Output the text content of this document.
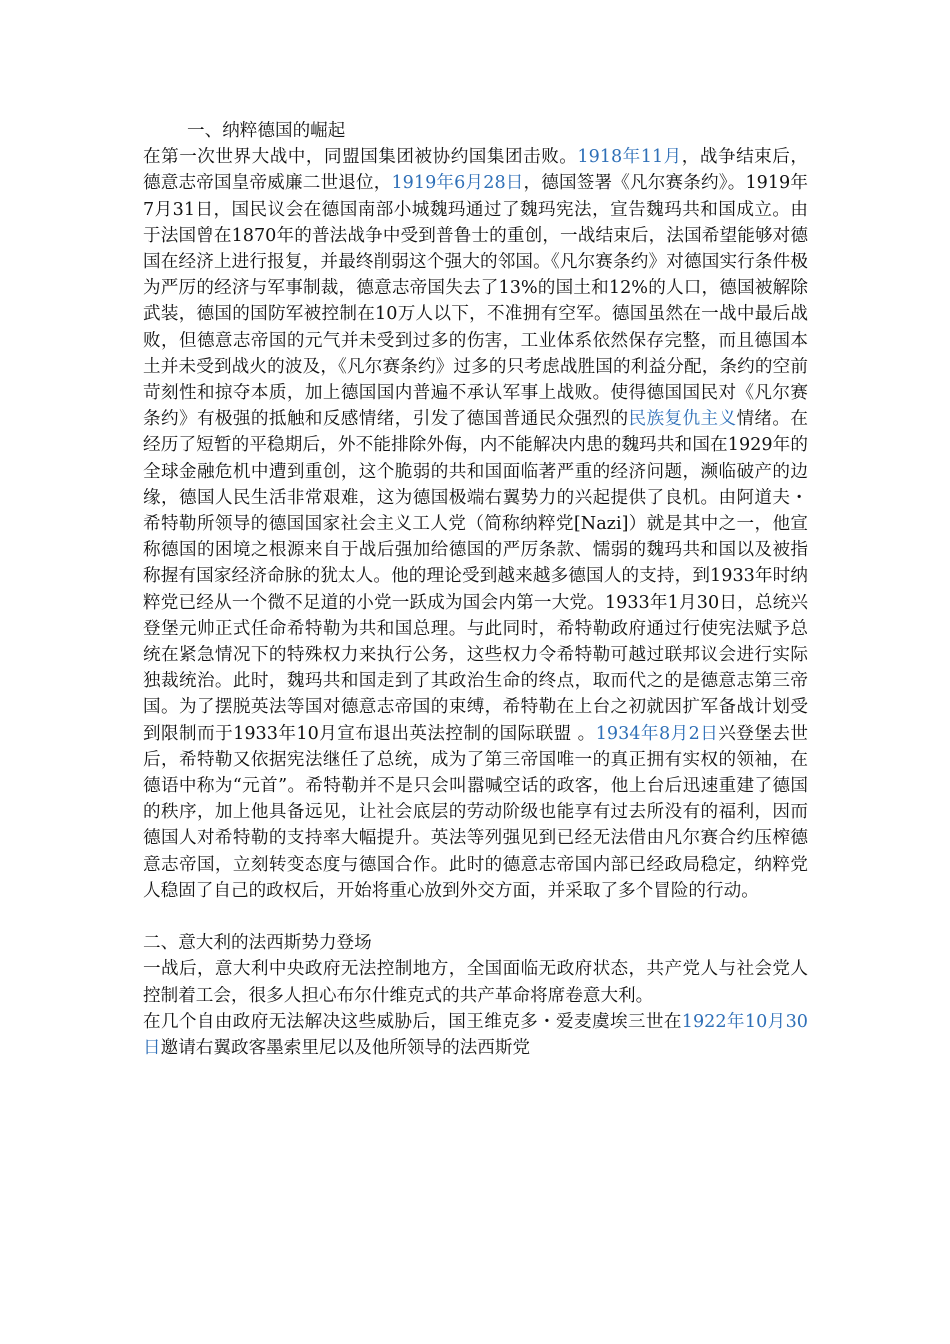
一、纳粹德国的崛起

在第一次世界大战中，同盟国集团被协约国集团击败。1918年11月，战争结束后，德意志帝国皇帝威廉二世退位，1919年6月28日，德国签署《凡尔赛条约》。1919年7月31日，国民议会在德国南部小城魏玛通过了魏玛宪法，宣告魏玛共和国成立。由于法国曾在1870年的普法战争中受到普鲁士的重创，一战结束后，法国希望能够对德国在经济上进行报复，并最终削弱这个强大的邻国。《凡尔赛条约》对德国实行条件极为严厉的经济与军事制裁，德意志帝国失去了13%的国土和12%的人口，德国被解除武装，德国的国防军被控制在10万人以下，不准拥有空军。德国虽然在一战中最后战败，但德意志帝国的元气并未受到过多的伤害，工业体系依然保存完整，而且德国本土并未受到战火的波及，《凡尔赛条约》过多的只考虑战胜国的利益分配，条约的空前苛刻性和掠夺本质，加上德国国内普遍不承认军事上战败。使得德国国民对《凡尔赛条约》有极强的抵触和反感情绪，引发了德国普通民众强烈的民族复仇主义情绪。在经历了短暂的平稳期后，外不能排除外侮，内不能解决内患的魏玛共和国在1929年的全球金融危机中遭到重创，这个脆弱的共和国面临著严重的经济问题，濒临破产的边缘，德国人民生活非常艰难，这为德国极端右翼势力的兴起提供了良机。由阿道夫・希特勒所领导的德国国家社会主义工人党（简称纳粹党[Nazi]）就是其中之一，他宣称德国的困境之根源来自于战后强加给德国的严厉条款、懦弱的魏玛共和国以及被指称握有国家经济命脉的犹太人。他的理论受到越来越多德国人的支持，到1933年时纳粹党已经从一个微不足道的小党一跃成为国会内第一大党。1933年1月30日，总统兴登堡元帅正式任命希特勒为共和国总理。与此同时，希特勒政府通过行使宪法赋予总统在紧急情况下的特殊权力来执行公务，这些权力令希特勒可越过联邦议会进行实际独裁统治。此时，魏玛共和国走到了其政治生命的终点，取而代之的是德意志第三帝国。为了摆脱英法等国对德意志帝国的束缚，希特勒在上台之初就因扩军备战计划受到限制而于1933年10月宣布退出英法控制的国际联盟 。1934年8月2日兴登堡去世后，希特勒又依据宪法继任了总统，成为了第三帝国唯一的真正拥有实权的领袖，在德语中称为“元首”。希特勒并不是只会叫嚣喊空话的政客，他上台后迅速重建了德国的秩序，加上他具备远见，让社会底层的劳动阶级也能享有过去所没有的福利，因而德国人对希特勒的支持率大幅提升。英法等列强见到已经无法借由凡尔赛合约压榨德意志帝国，立刻转变态度与德国合作。此时的德意志帝国内部已经政局稳定，纳粹党人稳固了自己的政权后，开始将重心放到外交方面，并采取了多个冒险的行动。

二、意大利的法西斯势力登场

一战后，意大利中央政府无法控制地方，全国面临无政府状态，共产党人与社会党人控制着工会，很多人担心布尔什维克式的共产革命将席卷意大利。

在几个自由政府无法解决这些威胁后，国王维克多・爱麦虞埃三世在1922年10月30日邀请右翼政客墨索里尼以及他所领导的法西斯党
